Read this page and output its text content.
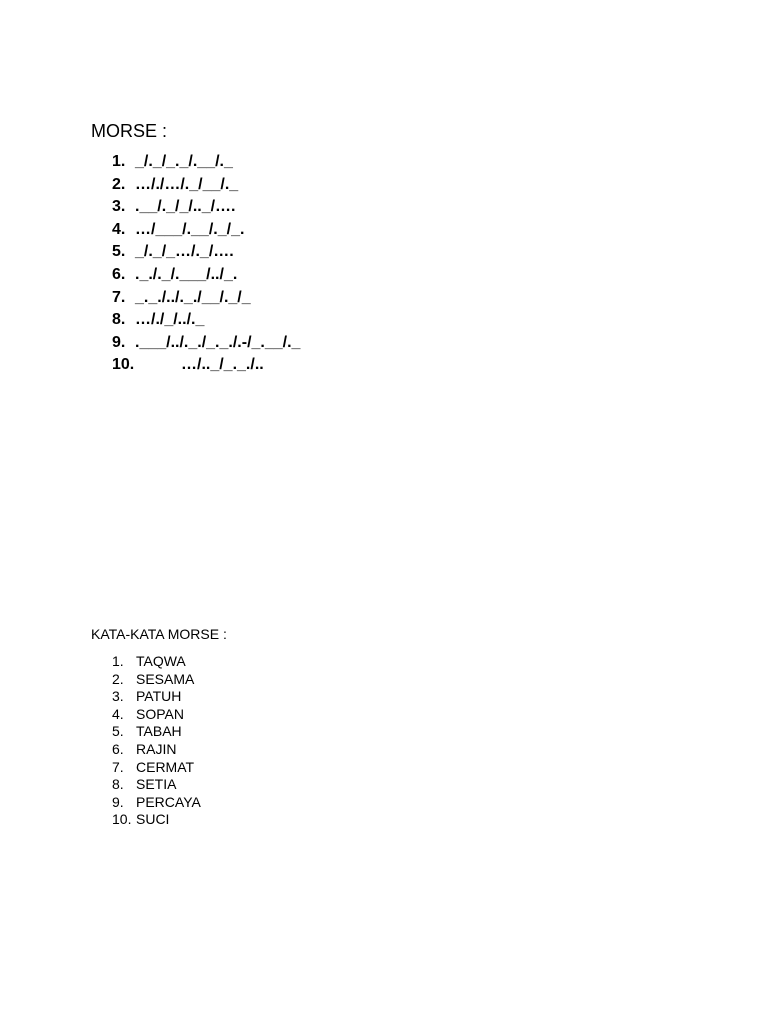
MORSE :
1. _/._/_._/.__/._
2. …/./…/._/__/._
3. .__/._/_/.._/….
4. …/___/.__/._/_.
5. _/._/_…/._/….
6. ._./._/.___/../_.
7. _._./../._./__/._/_
8. …/./_/../._
9. .___/../._./_._./.-/_.__/._
10.	…/.._/_._./..
KATA-KATA MORSE :
1. TAQWA
2. SESAMA
3. PATUH
4. SOPAN
5. TABAH
6. RAJIN
7. CERMAT
8. SETIA
9. PERCAYA
10. SUCI
